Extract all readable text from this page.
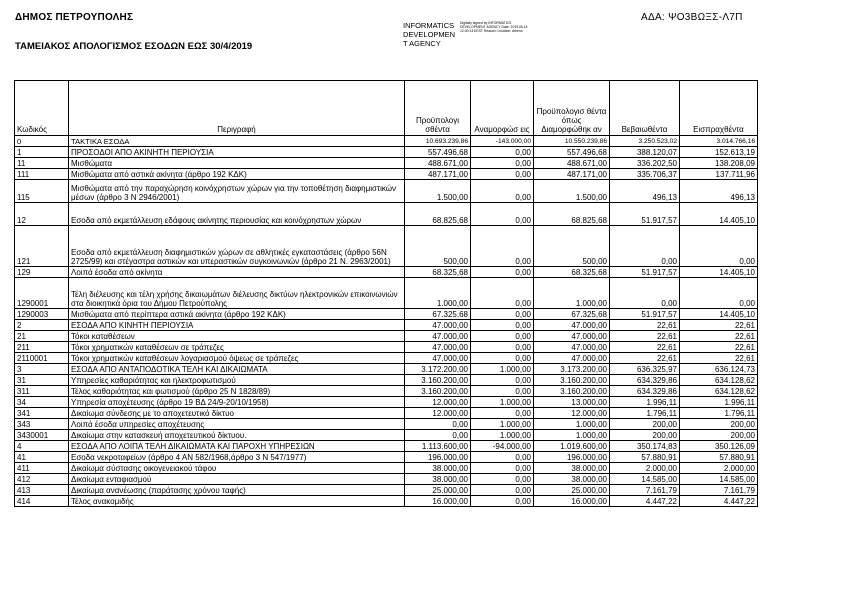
ΔΗΜΟΣ ΠΕΤΡΟΥΠΟΛΗΣ
ΤΑΜΕΙΑΚΟΣ ΑΠΟΛΟΓΙΣΜΟΣ ΕΣΟΔΩΝ ΕΩΣ 30/4/2019
ΑΔΑ: ΨΟ3ΒΩΞΣ-Λ7Π
INFORMATICS DEVELOPMEN T AGENCY
Digitally signed by INFORMATICS DEVELOPMENT AGENCY Date: 2019.05.14 12:00:13 EEST Reason: Location: Athens
Κωδικός	Περιγραφή	Προϋπολογι σθέντα	Αναμορφώσ εις	Προϋπολογισ θέντα όπως Διαμορφώθηκ αν	Βεβαιωθέντα	Εισπραχθέντα
0	ΤΑΚΤΙΚΑ ΕΣΟΔΑ	10.693.239,86	-143.000,00	10.550.239,86	3.250.523,02	3.014.766,16
1	ΠΡΟΣΟΔΟΙ ΑΠΟ ΑΚΙΝΗΤΗ ΠΕΡΙΟΥΣΙΑ	557.496,68	0,00	557.496,68	388.120,07	152.613,19
11	Μισθώματα	488.671,00	0,00	488.671,00	336.202,50	138.208,09
111	Μισθώματα από αστικά ακίνητα (άρθρο 192 ΚΔΚ)	487.171,00	0,00	487.171,00	335.706,37	137.711,96
115	Μισθώματα από την παραχώρηση κοινόχρηστων χώρων για την τοποθέτηση διαφημιστικών μέσων (άρθρο 3 Ν 2946/2001)	1.500,00	0,00	1.500,00	496,13	496,13
12	Εσοδα από εκμετάλλευση εδάφους ακίνητης περιουσίας και κοινόχρηστων χώρων	68.825,68	0,00	68.825,68	51.917,57	14.405,10
121	Εσοδα από εκμετάλλευση διαφημιστικών χώρων σε αθλητικές εγκαταστάσεις (άρθρο 56Ν 2725/99) και στέγαστρα αστικών και υπεραστικών συγκοινωνιών (άρθρο 21 Ν. 2963/2001)	500,00	0,00	500,00	0,00	0,00
129	Λοιπά έσοδα από ακίνητα	68.325,68	0,00	68.325,68	51.917,57	14.405,10
1290001	Τέλη διέλευσης και τέλη χρήσης δικαιωμάτων διέλευσης δικτύων ηλεκτρονικών επικοινωνιών στα διοικητικά όρια του Δήμου Πετρούπολης	1.000,00	0,00	1.000,00	0,00	0,00
1290003	Μισθώματα από περίπτερα αστικά ακίνητα (άρθρο 192 ΚΔΚ)	67.325,68	0,00	67.325,68	51.917,57	14.405,10
2	ΕΣΟΔΑ ΑΠΟ ΚΙΝΗΤΗ ΠΕΡΙΟΥΣΙΑ	47.000,00	0,00	47.000,00	22,61	22,61
21	Τόκοι καταθέσεων	47.000,00	0,00	47.000,00	22,61	22,61
211	Τόκοι χρηματικών καταθέσεων σε τράπεζες	47.000,00	0,00	47.000,00	22,61	22,61
2110001	Τόκοι χρηματικών καταθέσεων λογαριασμού όψεως σε τράπεζες	47.000,00	0,00	47.000,00	22,61	22,61
3	ΕΣΟΔΑ ΑΠΟ ΑΝΤΑΠΟΔΟΤΙΚΑ ΤΕΛΗ ΚΑΙ ΔΙΚΑΙΩΜΑΤΑ	3.172.200,00	1.000,00	3.173.200,00	636.325,97	636.124,73
31	Υπηρεσίες καθαριότητας και ηλεκτροφωτισμού	3.160.200,00	0,00	3.160.200,00	634.329,86	634.128,62
311	Τέλος καθαριότητας και φωτισμού (άρθρο 25 Ν 1828/89)	3.160.200,00	0,00	3.160.200,00	634.329,86	634.128,62
34	Υπηρεσία αποχέτευσης (άρθρο 19 ΒΔ 24/9-20/10/1958)	12.000,00	1.000,00	13.000,00	1.996,11	1.996,11
341	Δικαίωμα σύνδεσης με το αποχετευτικό δίκτυο	12.000,00	0,00	12.000,00	1.796,11	1.796,11
343	Λοιπά έσοδα υπηρεσίες αποχέτευσης	0,00	1.000,00	1.000,00	200,00	200,00
3430001	Δικαίωμα στην κατασκευή αποχετευτικού δίκτυου.	0,00	1.000,00	1.000,00	200,00	200,00
4	ΕΣΟΔΑ ΑΠΟ ΛΟΙΠΑ ΤΕΛΗ ΔΙΚΑΙΩΜΑΤΑ ΚΑΙ ΠΑΡΟΧΗ ΥΠΗΡΕΣΙΩΝ	1.113.600,00	-94.000,00	1.019.600,00	350.174,83	350.126,09
41	Εσοδα νεκροταφείων (άρθρο 4 ΑΝ 582/1968,άρθρο 3 Ν 547/1977)	196.000,00	0,00	196.000,00	57.880,91	57.880,91
411	Δικαίωμα σύστασης οικογενειακού τάφου	38.000,00	0,00	38.000,00	2.000,00	2.000,00
412	Δικαίωμα ενταφιασμού	38.000,00	0,00	38.000,00	14.585,00	14.585,00
413	Δικαίωμα ανανέωσης (παράτασης χρόνου ταφής)	25.000,00	0,00	25.000,00	7.161,79	7.161,79
414	Τέλος ανακομιδής	16.000,00	0,00	16.000,00	4.447,22	4.447,22
